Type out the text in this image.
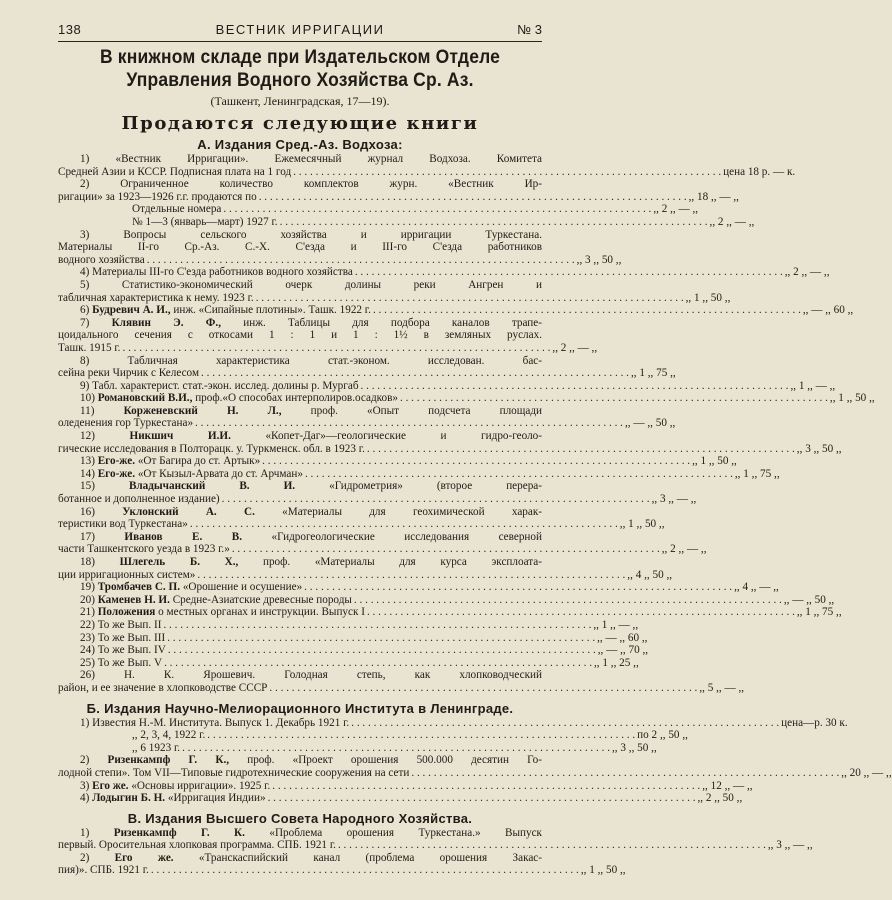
138	ВЕСТНИК ИРРИГАЦИИ	№ 3
В книжном складе при Издательском Отделе
Управления Водного Хозяйства Ср. Аз.
(Ташкент, Ленинградская, 17—19).
Продаются следующие книги
А. Издания Сред.-Аз. Водхоза:
1) «Вестник Ирригации». Ежемесячный журнал Водхоза. Комитета
Средней Азии и КССР. Подписная плата на 1 год . . .	цена 18 р. — к.
2) Ограниченное количество комплектов журн. «Вестник Ир-
ригации» за 1923—1926 г.г. продаются по . . .	,, 18 ,, — ,,
Отдельные номера . . .	,, 2 ,, — ,,
№ 1—3 (январь—март) 1927 г. . . .	,, 2 ,, — ,,
3) Вопросы сельского хозяйства и ирригации Туркестана.
Материалы II-го Ср.-Аз. С.-Х. С'езда и III-го С'езда работников
водного хозяйства . . .	,, 3 ,, 50 ,,
4) Материалы III-го С'езда работников водного хозяйства . . .	,, 2 ,, — ,,
5) Статистико-экономический очерк долины реки Ангрен и
табличная характеристика к нему. 1923 г. . . .	,, 1 ,, 50 ,,
6) Будревич А. И., инж. «Сипайные плотины». Ташк. 1922 г. . . .	,, — ,, 60 ,,
7) Клявин Э. Ф., инж. Таблицы для подбора каналов трапе-
цоидального сечения с откосами 1 : 1 и 1 : 1½ в земляных руслах.
Ташк. 1915 г. . . .	,, 2 ,, — ,,
8) Табличная характеристика стат.-эконом. исследован. бас-
сейна реки Чирчик с Келесом . . .	,, 1 ,, 75 ,,
9) Табл. характерист. стат.-экон. исслед. долины р. Мургаб . . .	,, 1 ,, — ,,
10) Романовский В.И., проф.«О способах интерполиров.осадков» . . .	,, 1 ,, 50 ,,
11) Корженевский Н. Л., проф. «Опыт подсчета площади
оледенения гор Туркестана» . . .	,, — ,, 50 ,,
12) Никшич И.И. «Копет-Даг»—геологические и гидро-геоло-
гические исследования в Полторацк. у. Туркменск. обл. в 1923 г. . . .	,, 3 ,, 50 ,,
13) Его-же. «От Багира до ст. Артык» . . .	,, 1 ,, 50 ,,
14) Его-же. «От Кызыл-Арвата до ст. Арчман» . . .	,, 1 ,, 75 ,,
15) Владычанский В. И. «Гидрометрия» (второе перера-
ботанное и дополненное издание) . . .	,, 3 ,, — ,,
16) Уклонский А. С. «Материалы для геохимической харак-
теристики вод Туркестана» . . .	,, 1 ,, 50 ,,
17) Иванов Е. В. «Гидрогеологические исследования северной
части Ташкентского уезда в 1923 г.» . . .	,, 2 ,, — ,,
18) Шлегель Б. Х., проф. «Материалы для курса эксплоата-
ции ирригационных систем» . . .	,, 4 ,, 50 ,,
19) Тромбачев С. П. «Орошение и осушение» . . .	,, 4 ,, — ,,
20) Каменев Н. И. Средне-Азиатские древесные породы . . .	,, — ,, 50 ,,
21) Положения о местных органах и инструкции. Выпуск I . . .	,, 1 ,, 75 ,,
22) То же Вып. II . . .	,, 1 ,, — ,,
23) То же Вып. III . . .	,, — ,, 60 ,,
24) То же Вып. IV . . .	,, — ,, 70 ,,
25) То же Вып. V . . .	,, 1 ,, 25 ,,
26) Н. К. Ярошевич. Голодная степь, как хлопководческий
район, и ее значение в хлопководстве СССР . . .	,, 5 ,, — ,,
Б. Издания Научно-Мелиорационного Института в Ленинграде.
1) Известия Н.-М. Института. Выпуск 1. Декабрь 1921 г. . . .	цена—р. 30 к.
,, 2, 3, 4, 1922 г. . . .	по 2 ,, 50 ,,
,, 6 1923 г. . . .	,, 3 ,, 50 ,,
2) Ризенкампф Г. К., проф. «Проект орошения 500.000 десятин Го-
лодной степи». Том VII—Типовые гидротехнические сооружения на сети . . .	,, 20 ,, — ,,
3) Его же. «Основы ирригации». 1925 г. . . .	,, 12 ,, — ,,
4) Лодыгин Б. Н. «Ирригация Индии» . . .	,, 2 ,, 50 ,,
В. Издания Высшего Совета Народного Хозяйства.
1) Ризенкампф Г. К. «Проблема орошения Туркестана.» Выпуск
первый. Оросительная хлопковая программа. СПБ. 1921 г. . . .	,, 3 ,, — ,,
2) Его же. «Транскаспийский канал (проблема орошения Закас-
пия)». СПБ. 1921 г. . . .	,, 1 ,, 50 ,,
